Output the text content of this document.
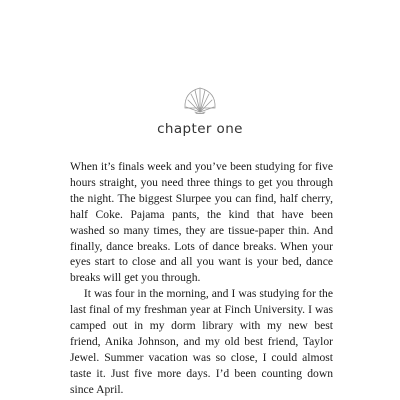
chapter one

When it’s finals week and you’ve been studying for five hours straight, you need three things to get you through the night. The biggest Slurpee you can find, half cherry, half Coke. Pajama pants, the kind that have been washed so many times, they are tissue-paper thin. And finally, dance breaks. Lots of dance breaks. When your eyes start to close and all you want is your bed, dance breaks will get you through.

It was four in the morning, and I was studying for the last final of my freshman year at Finch University. I was camped out in my dorm library with my new best friend, Anika Johnson, and my old best friend, Taylor Jewel. Summer vacation was so close, I could almost taste it. Just five more days. I’d been counting down since April.
